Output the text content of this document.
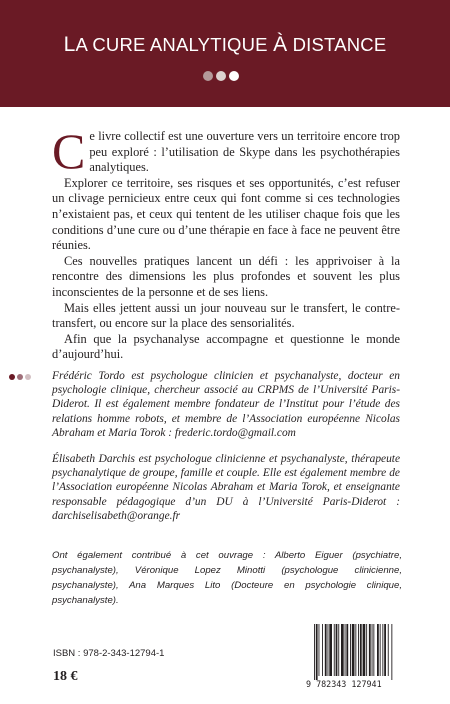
LA CURE ANALYTIQUE À DISTANCE

Ce livre collectif est une ouverture vers un territoire encore trop peu exploré : l’utilisation de Skype dans les psychothérapies analytiques.

Explorer ce territoire, ses risques et ses opportunités, c’est refuser un clivage pernicieux entre ceux qui font comme si ces technologies n’existaient pas, et ceux qui tentent de les utiliser chaque fois que les conditions d’une cure ou d’une thérapie en face à face ne peuvent être réunies.

Ces nouvelles pratiques lancent un défi : les apprivoiser à la rencontre des dimensions les plus profondes et souvent les plus inconscientes de la personne et de ses liens.

Mais elles jettent aussi un jour nouveau sur le transfert, le contre-transfert, ou encore sur la place des sensorialités.

Afin que la psychanalyse accompagne et questionne le monde d’aujourd’hui.

Frédéric Tordo est psychologue clinicien et psychanalyste, docteur en psychologie clinique, chercheur associé au CRPMS de l’Université Paris-Diderot. Il est également membre fondateur de l’Institut pour l’étude des relations homme robots, et membre de l’Association européenne Nicolas Abraham et Maria Torok : frederic.tordo@gmail.com

Élisabeth Darchis est psychologue clinicienne et psychanalyste, thérapeute psychanalytique de groupe, famille et couple. Elle est également membre de l’Association européenne Nicolas Abraham et Maria Torok, et enseignante responsable pédagogique d’un DU à l’Université Paris-Diderot : darchiselisabeth@orange.fr

Ont également contribué à cet ouvrage : Alberto Eiguer (psychiatre, psychanalyste), Véronique Lopez Minotti (psychologue clinicienne, psychanalyste), Ana Marques Lito (Docteure en psychologie clinique, psychanalyste).
ISBN : 978-2-343-12794-1
18 €	9 782343 127941
